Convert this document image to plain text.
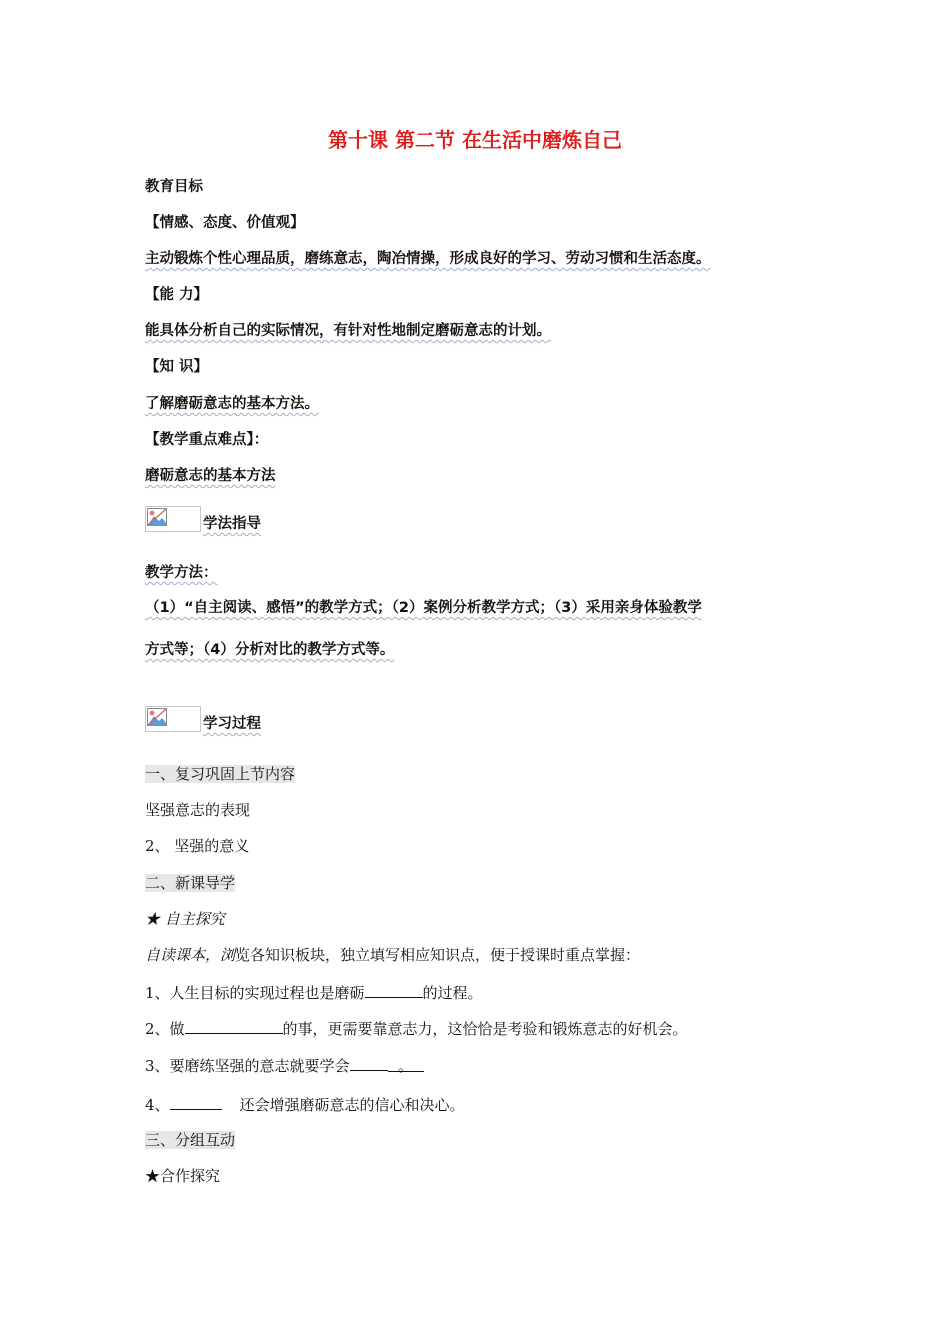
第十课 第二节 在生活中磨炼自己
教育目标
【情感、态度、价值观】
主动锻炼个性心理品质，磨练意志，陶冶情操，形成良好的学习、劳动习惯和生活态度。
【能 力】
能具体分析自己的实际情况，有针对性地制定磨砺意志的计划。
【知 识】
了解磨砺意志的基本方法。
【教学重点难点】：
磨砺意志的基本方法
学法指导
教学方法：
（1）“自主阅读、感悟”的教学方式；（2）案例分析教学方式；（3）采用亲身体验教学
方式等；（4）分析对比的教学方式等。
学习过程
一、复习巩固上节内容
坚强意志的表现
2、 坚强的意义
二、新课导学
★ 自主探究
自读课本，浏览各知识板块，独立填写相应知识点，便于授课时重点掌握：
1、人生目标的实现过程也是磨砺	的过程。
2、做	的事，更需要靠意志力，这恰恰是考验和锻炼意志的好机会。
3、要磨练坚强的意志就要学会	。
4、	还会增强磨砺意志的信心和决心。
三、分组互动
★合作探究
